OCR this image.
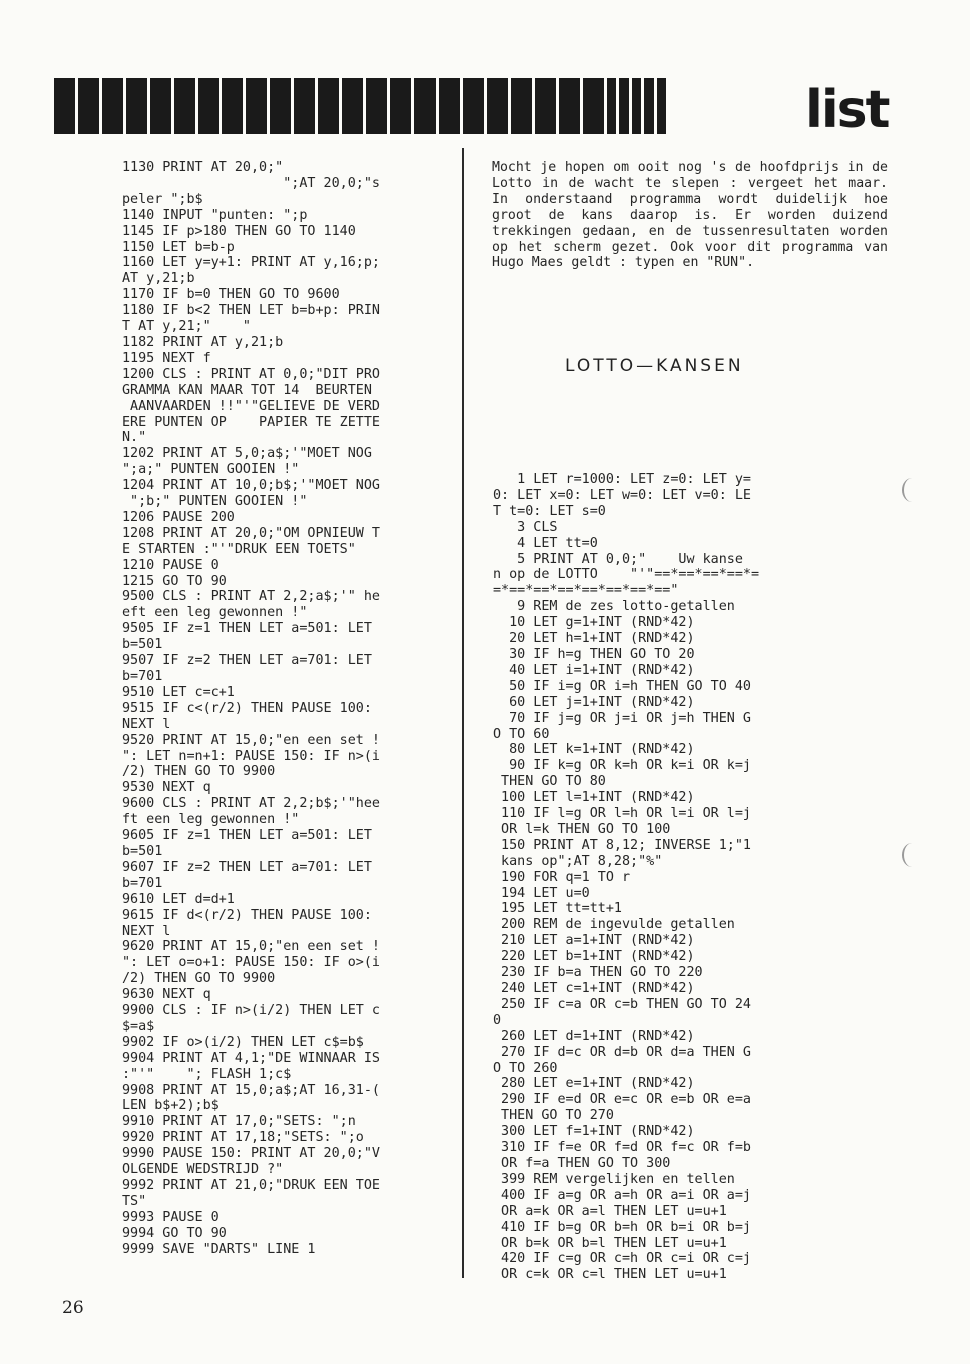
list
1130 PRINT AT 20,0;"
";AT 20,0;"s
peler ";b$
1140 INPUT "punten: ";p
1145 IF p>180 THEN GO TO 1140
1150 LET b=b-p
1160 LET y=y+1: PRINT AT y,16;p;
AT y,21;b
1170 IF b=0 THEN GO TO 9600
1180 IF b<2 THEN LET b=b+p: PRIN
T AT y,21;"    "
1182 PRINT AT y,21;b
1195 NEXT f
1200 CLS : PRINT AT 0,0;"DIT PRO
GRAMMA KAN MAAR TOT 14  BEURTEN
AANVAARDEN !!"'"GELIEVE DE VERD
ERE PUNTEN OP    PAPIER TE ZETTE
N."
1202 PRINT AT 5,0;a$;'"MOET NOG
";a;" PUNTEN GOOIEN !"
1204 PRINT AT 10,0;b$;'"MOET NOG
";b;" PUNTEN GOOIEN !"
1206 PAUSE 200
1208 PRINT AT 20,0;"OM OPNIEUW T
E STARTEN :"'"DRUK EEN TOETS"
1210 PAUSE 0
1215 GO TO 90
9500 CLS : PRINT AT 2,2;a$;'" he
eft een leg gewonnen !"
9505 IF z=1 THEN LET a=501: LET
b=501
9507 IF z=2 THEN LET a=701: LET
b=701
9510 LET c=c+1
9515 IF c<(r/2) THEN PAUSE 100:
NEXT l
9520 PRINT AT 15,0;"en een set !
": LET n=n+1: PAUSE 150: IF n>(i
/2) THEN GO TO 9900
9530 NEXT q
9600 CLS : PRINT AT 2,2;b$;'"hee
ft een leg gewonnen !"
9605 IF z=1 THEN LET a=501: LET
b=501
9607 IF z=2 THEN LET a=701: LET
b=701
9610 LET d=d+1
9615 IF d<(r/2) THEN PAUSE 100:
NEXT l
9620 PRINT AT 15,0;"en een set !
": LET o=o+1: PAUSE 150: IF o>(i
/2) THEN GO TO 9900
9630 NEXT q
9900 CLS : IF n>(i/2) THEN LET c
$=a$
9902 IF o>(i/2) THEN LET c$=b$
9904 PRINT AT 4,1;"DE WINNAAR IS
:"'"    "; FLASH 1;c$
9908 PRINT AT 15,0;a$;AT 16,31-(
LEN b$+2);b$
9910 PRINT AT 17,0;"SETS: ";n
9920 PRINT AT 17,18;"SETS: ";o
9990 PAUSE 150: PRINT AT 20,0;"V
OLGENDE WEDSTRIJD ?"
9992 PRINT AT 21,0;"DRUK EEN TOE
TS"
9993 PAUSE 0
9994 GO TO 90
9999 SAVE "DARTS" LINE 1
Mocht je hopen om ooit nog 's de hoofdprijs in de Lotto in de wacht te slepen : vergeet het maar. In onderstaand programma wordt duidelijk hoe groot de kans daarop is. Er worden duizend trekkingen gedaan, en de tussenresultaten worden op het scherm gezet. Ook voor dit programma van Hugo Maes geldt : typen en "RUN".
LOTTO—KANSEN
1 LET r=1000: LET z=0: LET y=
0: LET x=0: LET w=0: LET v=0: LE
T t=0: LET s=0
3 CLS
4 LET tt=0
5 PRINT AT 0,0;"    Uw kanse
n op de LOTTO    "'"==*==*==*==*=
=*==*==*==*==*==*==*=="
9 REM de zes lotto-getallen
10 LET g=1+INT (RND*42)
20 LET h=1+INT (RND*42)
30 IF h=g THEN GO TO 20
40 LET i=1+INT (RND*42)
50 IF i=g OR i=h THEN GO TO 40
60 LET j=1+INT (RND*42)
70 IF j=g OR j=i OR j=h THEN G
O TO 60
80 LET k=1+INT (RND*42)
90 IF k=g OR k=h OR k=i OR k=j
THEN GO TO 80
100 LET l=1+INT (RND*42)
110 IF l=g OR l=h OR l=i OR l=j
OR l=k THEN GO TO 100
150 PRINT AT 8,12; INVERSE 1;"1
kans op";AT 8,28;"%"
190 FOR q=1 TO r
194 LET u=0
195 LET tt=tt+1
200 REM de ingevulde getallen
210 LET a=1+INT (RND*42)
220 LET b=1+INT (RND*42)
230 IF b=a THEN GO TO 220
240 LET c=1+INT (RND*42)
250 IF c=a OR c=b THEN GO TO 24
0
260 LET d=1+INT (RND*42)
270 IF d=c OR d=b OR d=a THEN G
O TO 260
280 LET e=1+INT (RND*42)
290 IF e=d OR e=c OR e=b OR e=a
THEN GO TO 270
300 LET f=1+INT (RND*42)
310 IF f=e OR f=d OR f=c OR f=b
OR f=a THEN GO TO 300
399 REM vergelijken en tellen
400 IF a=g OR a=h OR a=i OR a=j
OR a=k OR a=l THEN LET u=u+1
410 IF b=g OR b=h OR b=i OR b=j
OR b=k OR b=l THEN LET u=u+1
420 IF c=g OR c=h OR c=i OR c=j
OR c=k OR c=l THEN LET u=u+1
26
